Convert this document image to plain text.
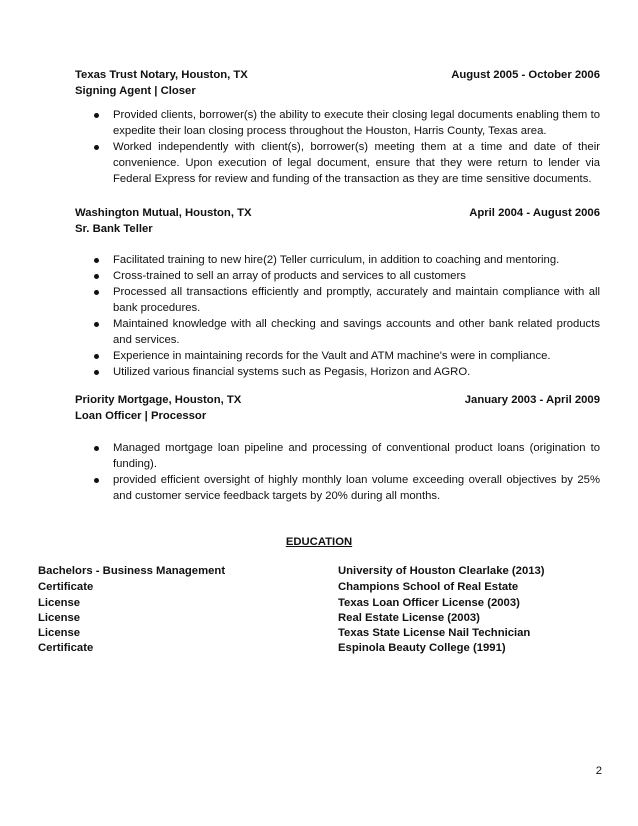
Texas Trust Notary, Houston, TX	August 2005 - October 2006
Signing Agent | Closer
Provided clients, borrower(s) the ability to execute their closing legal documents enabling them to expedite their loan closing process throughout the Houston, Harris County, Texas area.
Worked independently with client(s), borrower(s) meeting them at a time and date of their convenience. Upon execution of legal document, ensure that they were return to lender via Federal Express for review and funding of the transaction as they are time sensitive documents.
Washington Mutual, Houston, TX	April 2004 - August 2006
Sr. Bank Teller
Facilitated training to new hire(2) Teller curriculum, in addition to coaching and mentoring.
Cross-trained to sell an array of products and services to all customers
Processed all transactions efficiently and promptly, accurately and maintain compliance with all bank procedures.
Maintained knowledge with all checking and savings accounts and other bank related products and services.
Experience in maintaining records for the Vault and ATM machine's were in compliance.
Utilized various financial systems such as Pegasis, Horizon and AGRO.
Priority Mortgage, Houston, TX	January 2003 - April 2009
Loan Officer | Processor
Managed mortgage loan pipeline and processing of conventional product loans (origination to funding).
provided efficient oversight of highly monthly loan volume exceeding overall objectives by 25% and customer service feedback targets by 20% during all months.
EDUCATION
Bachelors - Business Management	University of Houston Clearlake (2013)
Certificate	Champions School of Real Estate
License	Texas Loan Officer License (2003)
License	Real Estate License (2003)
License	Texas State License Nail Technician
Certificate	Espinola Beauty College (1991)
2
